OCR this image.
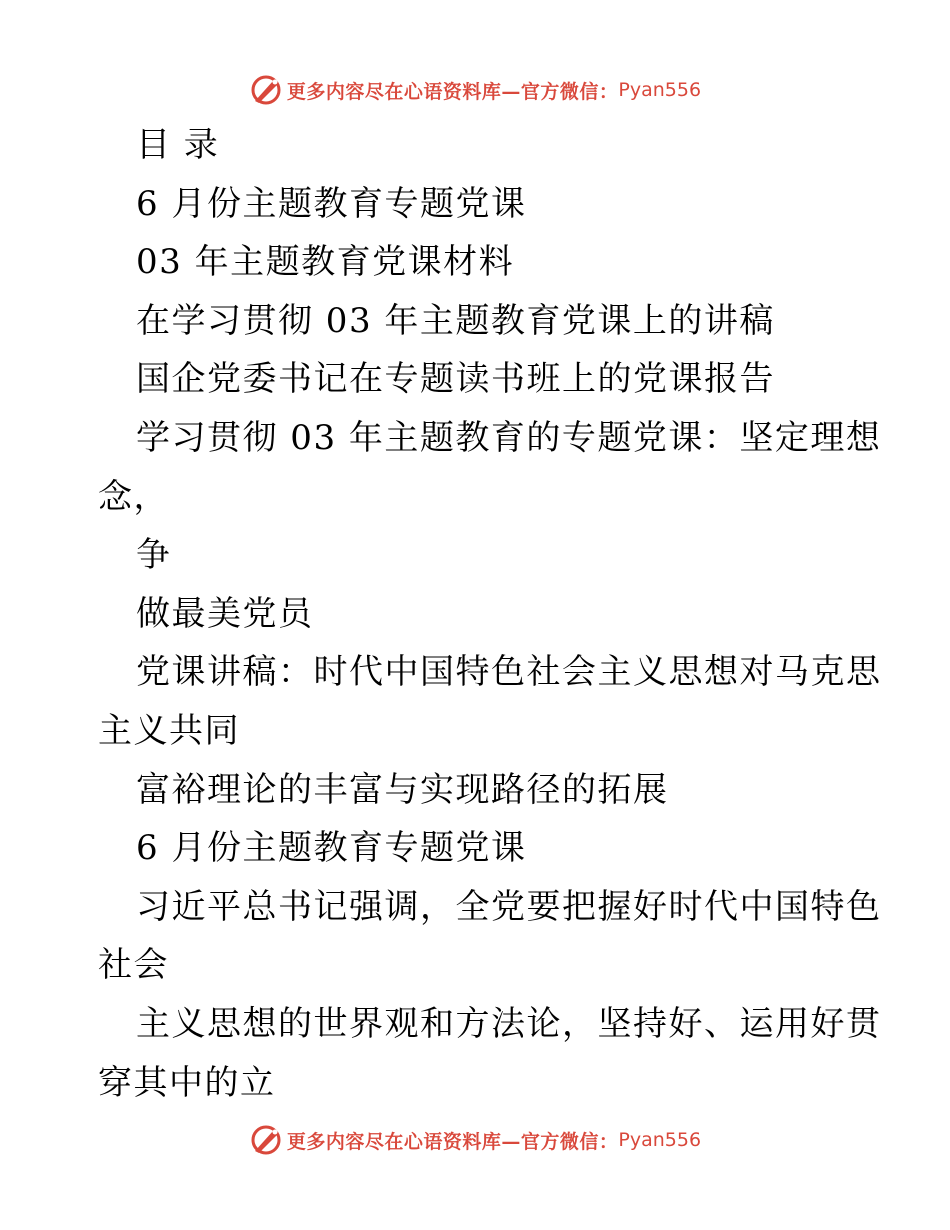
更多内容尽在心语资料库—官方微信： Pyan556
目 录
6 月份主题教育专题党课
03 年主题教育党课材料
在学习贯彻 03 年主题教育党课上的讲稿
国企党委书记在专题读书班上的党课报告
学习贯彻 03 年主题教育的专题党课：坚定理想
念，
争
做最美党员
党课讲稿：时代中国特色社会主义思想对马克思
主义共同
富裕理论的丰富与实现路径的拓展
6 月份主题教育专题党课
习近平总书记强调，全党要把握好时代中国特色
社会
主义思想的世界观和方法论，坚持好、运用好贯
穿其中的立
更多内容尽在心语资料库—官方微信： Pyan556
